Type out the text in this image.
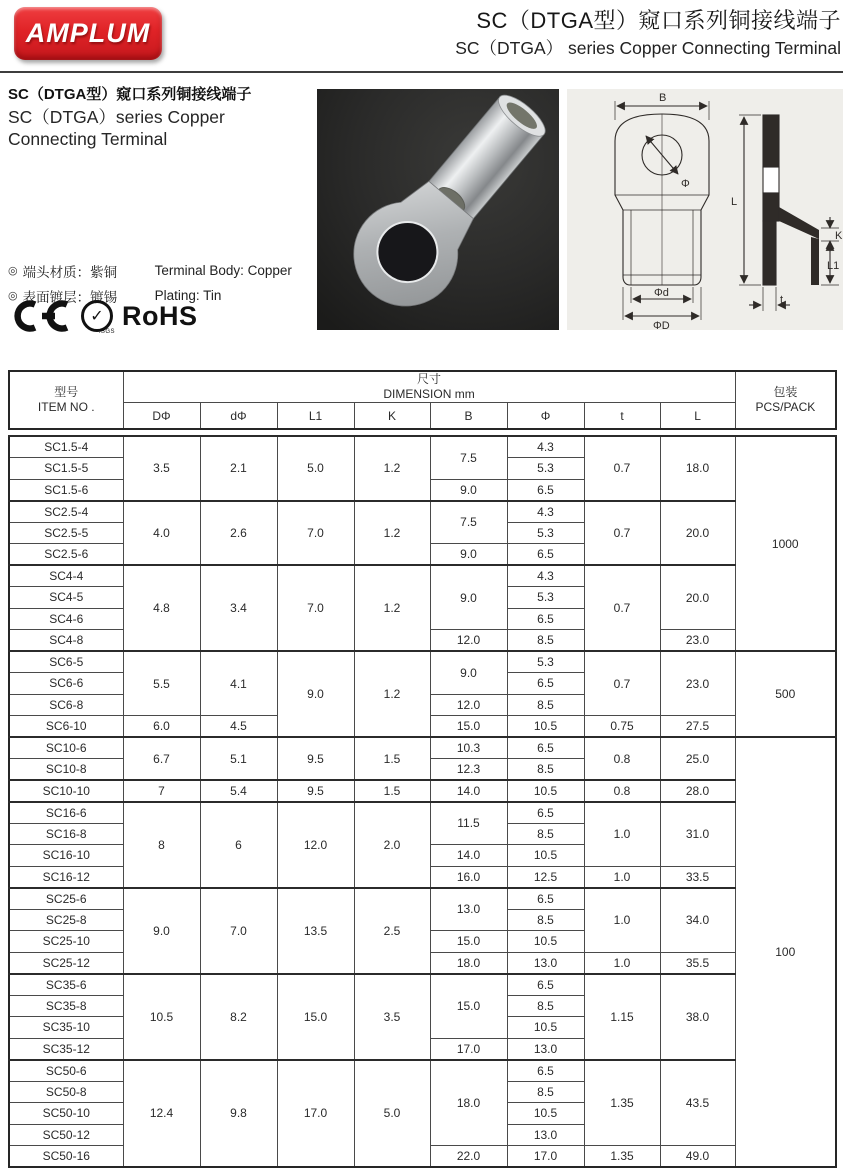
AMPLUM	SC（DTGA型）窥口系列铜接线端子
SC（DTGA） series Copper Connecting Terminal
SC（DTGA型）窥口系列铜接线端子
SC（DTGA）series Copper
Connecting Terminal
◎ 端头材质：紫铜	Terminal Body: Copper
◎ 表面镀层：镀锡	Plating: Tin
✓
.SGS
RoHS
B
Φ
Φd
ΦD
L
K
L1
t
型号
ITEM NO .

尺寸
DIMENSION mm	包装
PCS/PACK

	DΦ	dΦ	L1	K	B	Φ	t	L	
SC1.5-4	3.5	2.1	5.0	1.2	7.5	4.3	0.7	18.0	1000
SC1.5-5						5.3			
SC1.5-6					9.0	6.5			
SC2.5-4	4.0	2.6	7.0	1.2	7.5	4.3	0.7	20.0	
SC2.5-5						5.3			
SC2.5-6					9.0	6.5			
SC4-4	4.8	3.4	7.0	1.2	9.0	4.3	0.7	20.0	
SC4-5						5.3			
SC4-6						6.5			
SC4-8					12.0	8.5		23.0	
SC6-5	5.5	4.1	9.0	1.2	9.0	5.3	0.7	23.0	500
SC6-6						6.5			
SC6-8					12.0	8.5			
SC6-10	6.0	4.5			15.0	10.5	0.75	27.5	
SC10-6	6.7	5.1	9.5	1.5	10.3	6.5	0.8	25.0	100
SC10-8					12.3	8.5			
SC10-10	7	5.4	9.5	1.5	14.0	10.5	0.8	28.0	
SC16-6	8	6	12.0	2.0	11.5	6.5	1.0	31.0	
SC16-8						8.5			
SC16-10					14.0	10.5			
SC16-12					16.0	12.5	1.0	33.5	
SC25-6	9.0	7.0	13.5	2.5	13.0	6.5	1.0	34.0	
SC25-8						8.5			
SC25-10					15.0	10.5			
SC25-12					18.0	13.0	1.0	35.5	
SC35-6	10.5	8.2	15.0	3.5	15.0	6.5	1.15	38.0	
SC35-8						8.5			
SC35-10						10.5			
SC35-12					17.0	13.0			
SC50-6	12.4	9.8	17.0	5.0	18.0	6.5	1.35	43.5	
SC50-8						8.5			
SC50-10						10.5			
SC50-12						13.0			
SC50-16					22.0	17.0	1.35	49.0	
